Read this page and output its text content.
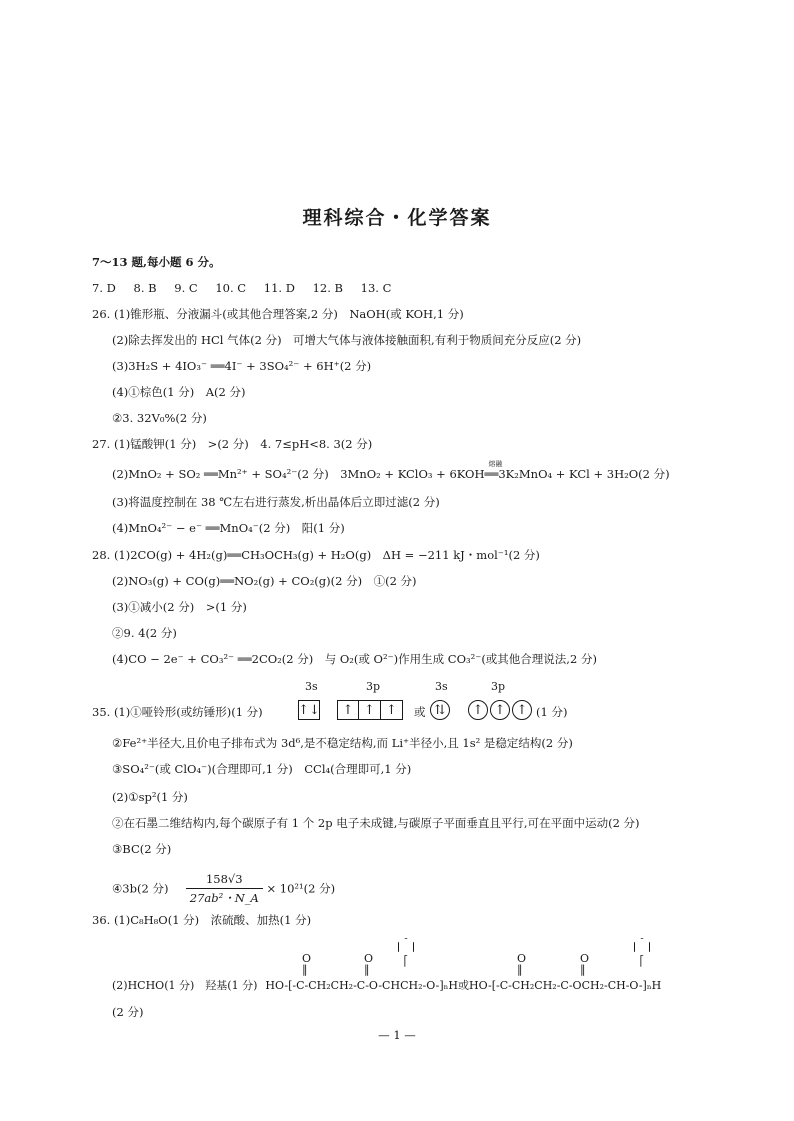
理科综合・化学答案
7～13 题,每小题 6 分。
7. D 8. B 9. C 10. C 11. D 12. B 13. C
26. (1)锥形瓶、分液漏斗(或其他合理答案,2 分)　NaOH(或 KOH,1 分)
(2)除去挥发出的 HCl 气体(2 分)　可增大气体与液体接触面积,有利于物质间充分反应(2 分)
(3)3H₂S + 4IO₃⁻ ══4I⁻ + 3SO₄²⁻ + 6H⁺(2 分)
(4)①棕色(1 分)　A(2 分)
②3. 32V₀%(2 分)
27. (1)锰酸钾(1 分)　>(2 分)　4. 7≤pH<8. 3(2 分)
(2)MnO₂ + SO₂ ══Mn²⁺ + SO₄²⁻(2 分)　3MnO₂ + KClO₃ + 6KOH
熔融
══3K₂MnO₄ + KCl + 3H₂O(2 分)
(3)将温度控制在 38 ℃左右进行蒸发,析出晶体后立即过滤(2 分)
(4)MnO₄²⁻ − e⁻ ══MnO₄⁻(2 分)　阳(1 分)
28. (1)2CO(g) + 4H₂(g)══CH₃OCH₃(g) + H₂O(g)　ΔH = −211 kJ・mol⁻¹(2 分)
(2)NO₃(g) + CO(g)══NO₂(g) + CO₂(g)(2 分)　①(2 分)
(3)①减小(2 分)　>(1 分)
②9. 4(2 分)
(4)CO − 2e⁻ + CO₃²⁻ ══2CO₂(2 分)　与 O₂(或 O²⁻)作用生成 CO₃²⁻(或其他合理说法,2 分)
3s	3p	3s	3p
35. (1)①哑铃形(或纺锤形)(1 分)	↑↓	↑ ↑ ↑	或 ⇅	↑ ↑ ↑ (1 分)
②Fe²⁺半径大,且价电子排布式为 3d⁶,是不稳定结构,而 Li⁺半径小,且 1s² 是稳定结构(2 分)
③SO₄²⁻(或 ClO₄⁻)(合理即可,1 分)　CCl₄(合理即可,1 分)
(2)①sp²(1 分)
②在石墨二维结构内,每个碳原子有 1 个 2p 电子未成键,与碳原子平面垂直且平行,可在平面中运动(2 分)
③BC(2 分)
④3b(2 分) $\frac{158√3}{\text{27ab²・N\_A}} \times 10^{21}(2$ 分)
36. (1)C₈H₈O(1 分)　浓硫酸、加热(1 分)
|	|
O	O	O	O
‖	‖	‖	‖
(2)HCHO(1 分)　羟基(1 分) HO-[-C-CH₂CH₂-C-O-CHCH₂-O-]ₙH或HO-[-C-CH₂CH₂-C-OCH₂-CH-O-]ₙH
(2 分)
— 1 —
